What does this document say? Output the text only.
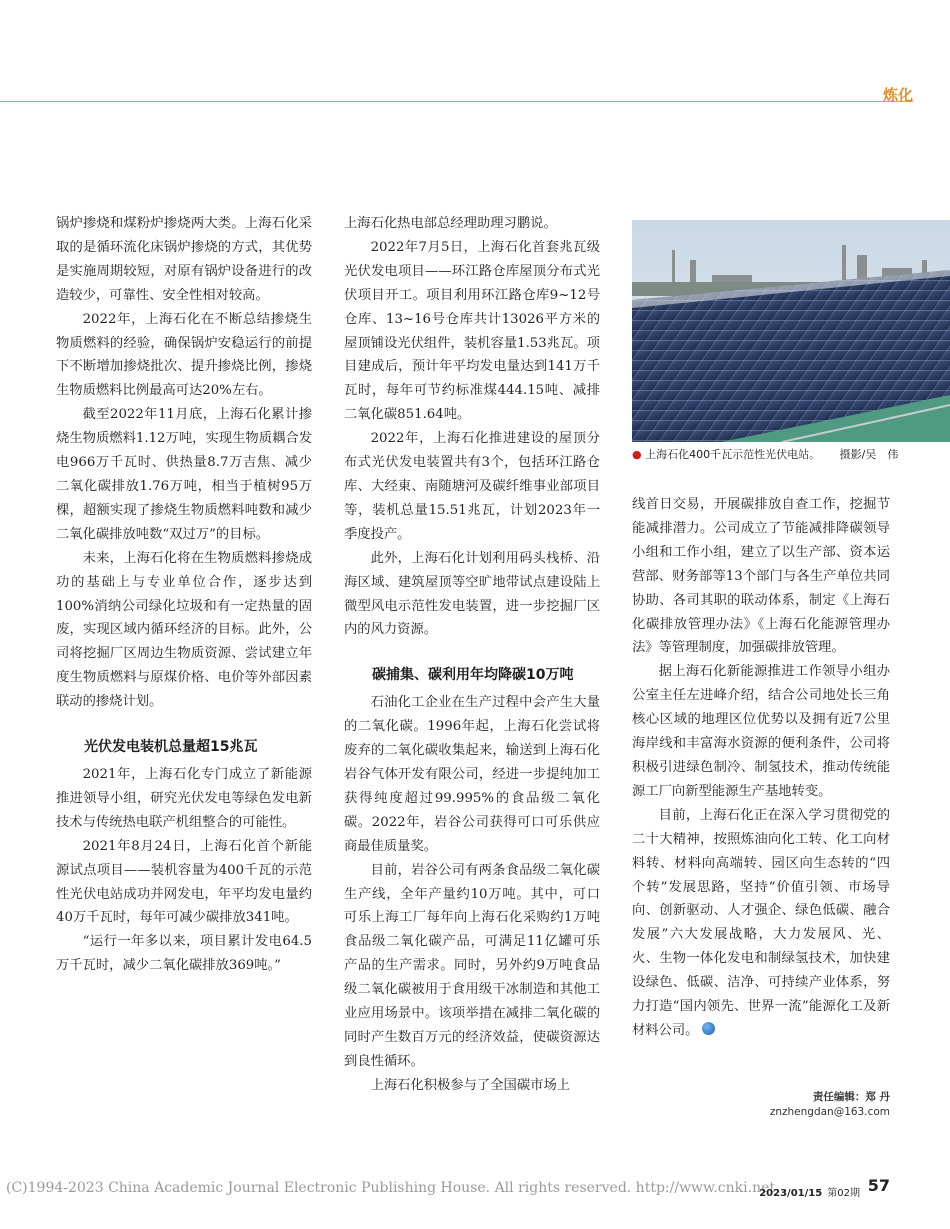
炼化

锅炉掺烧和煤粉炉掺烧两大类。上海石化采取的是循环流化床锅炉掺烧的方式，其优势是实施周期较短，对原有锅炉设备进行的改造较少，可靠性、安全性相对较高。

2022年，上海石化在不断总结掺烧生物质燃料的经验，确保锅炉安稳运行的前提下不断增加掺烧批次、提升掺烧比例，掺烧生物质燃料比例最高可达20%左右。

截至2022年11月底，上海石化累计掺烧生物质燃料1.12万吨，实现生物质耦合发电966万千瓦时、供热量8.7万吉焦、减少二氧化碳排放1.76万吨，相当于植树95万棵，超额实现了掺烧生物质燃料吨数和减少二氧化碳排放吨数“双过万”的目标。

未来，上海石化将在生物质燃料掺烧成功的基础上与专业单位合作，逐步达到100%消纳公司绿化垃圾和有一定热量的固废，实现区域内循环经济的目标。此外，公司将挖掘厂区周边生物质资源、尝试建立年度生物质燃料与原煤价格、电价等外部因素联动的掺烧计划。

光伏发电装机总量超15兆瓦

2021年，上海石化专门成立了新能源推进领导小组，研究光伏发电等绿色发电新技术与传统热电联产机组整合的可能性。

2021年8月24日，上海石化首个新能源试点项目——装机容量为400千瓦的示范性光伏电站成功并网发电，年平均发电量约40万千瓦时，每年可减少碳排放341吨。

“运行一年多以来，项目累计发电64.5万千瓦时，减少二氧化碳排放369吨。”

上海石化热电部总经理助理习鹏说。

2022年7月5日，上海石化首套兆瓦级光伏发电项目——环江路仓库屋顶分布式光伏项目开工。项目利用环江路仓库9~12号仓库、13~16号仓库共计13026平方米的屋顶铺设光伏组件，装机容量1.53兆瓦。项目建成后，预计年平均发电量达到141万千瓦时，每年可节约标准煤444.15吨、减排二氧化碳851.64吨。

2022年，上海石化推进建设的屋顶分布式光伏发电装置共有3个，包括环江路仓库、大经東、南随塘河及碳纤维事业部项目等，装机总量15.51兆瓦，计划2023年一季度投产。

此外，上海石化计划利用码头栈桥、沿海区域、建筑屋顶等空旷地带试点建设陆上微型风电示范性发电装置，进一步挖掘厂区内的风力资源。

碳捕集、碳利用年均降碳10万吨

石油化工企业在生产过程中会产生大量的二氧化碳。1996年起，上海石化尝试将废弃的二氧化碳收集起来，输送到上海石化岩谷气体开发有限公司，经进一步提纯加工获得纯度超过99.995%的食品级二氧化碳。2022年，岩谷公司获得可口可乐供应商最佳质量奖。

目前，岩谷公司有两条食品级二氧化碳生产线，全年产量约10万吨。其中，可口可乐上海工厂每年向上海石化采购约1万吨食品级二氧化碳产品，可满足11亿罐可乐产品的生产需求。同时，另外约9万吨食品级二氧化碳被用于食用级干冰制造和其他工业应用场景中。该项举措在减排二氧化碳的同时产生数百万元的经济效益，使碳资源达到良性循环。

上海石化积极参与了全国碳市场上

● 上海石化400千瓦示范性光伏电站。 摄影/吴　伟

线首日交易，开展碳排放自查工作，挖掘节能减排潜力。公司成立了节能减排降碳领导小组和工作小组，建立了以生产部、资本运营部、财务部等13个部门与各生产单位共同协助、各司其职的联动体系，制定《上海石化碳排放管理办法》《上海石化能源管理办法》等管理制度，加强碳排放管理。

据上海石化新能源推进工作领导小组办公室主任左进峰介绍，结合公司地处长三角核心区域的地理区位优势以及拥有近7公里海岸线和丰富海水资源的便利条件，公司将积极引进绿色制冷、制氢技术，推动传统能源工厂向新型能源生产基地转变。

目前，上海石化正在深入学习贯彻党的二十大精神，按照炼油向化工转、化工向材料转、材料向高端转、园区向生态转的“四个转”发展思路，坚持“价值引领、市场导向、创新驱动、人才强企、绿色低碳、融合发展”六大发展战略，大力发展风、光、火、生物一体化发电和制绿氢技术，加快建设绿色、低碳、洁净、可持续产业体系，努力打造“国内领先、世界一流”能源化工及新材料公司。

责任编辑：郑 丹
znzhengdan@163.com
(C)1994-2023 China Academic Journal Electronic Publishing House. All rights reserved. http://www.cnki.net
2023/01/15 第02期 57
